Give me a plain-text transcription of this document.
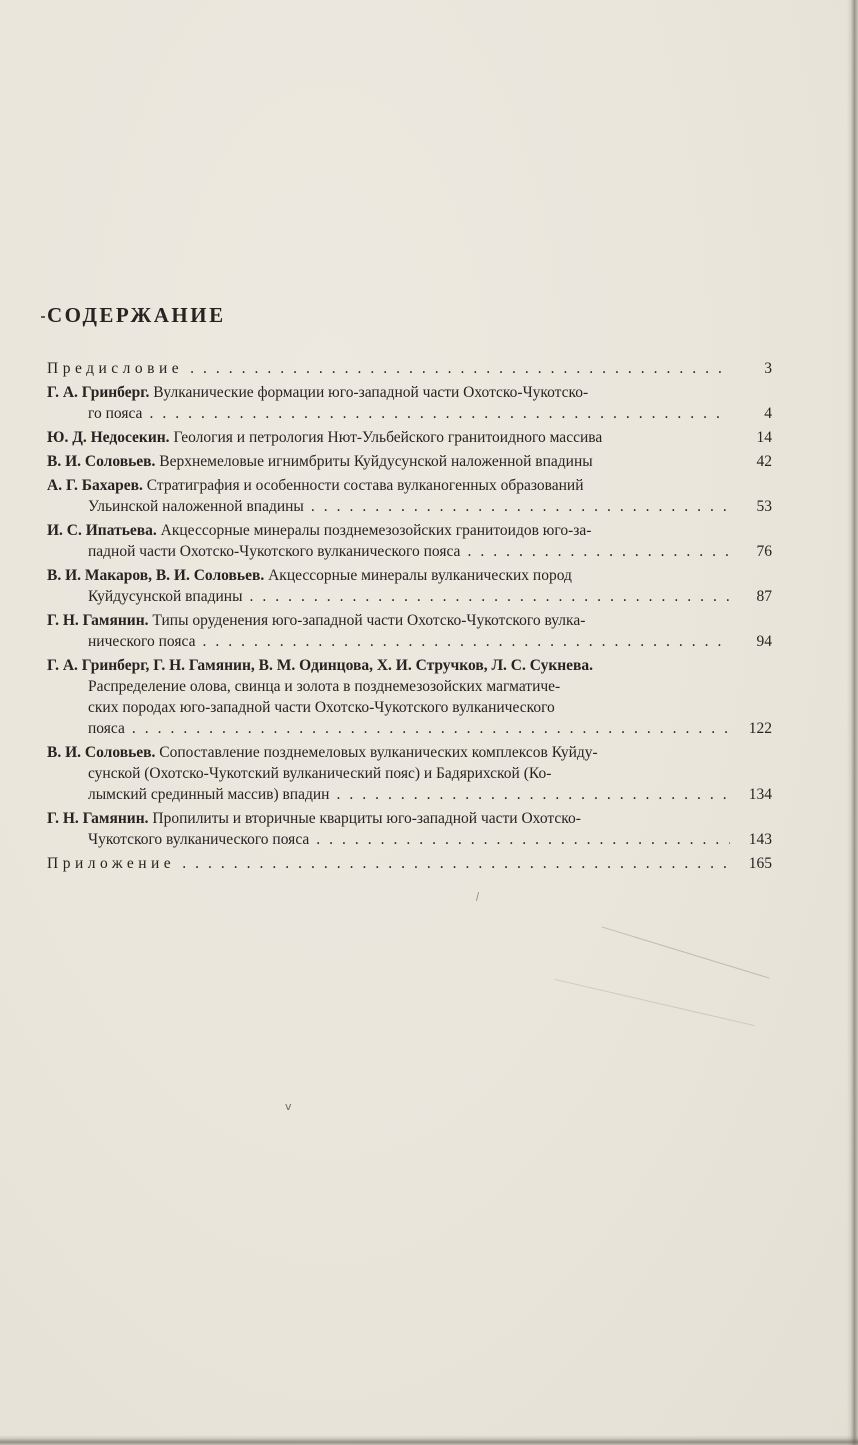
СОДЕРЖАНИЕ
Предисловие .....	3
Г. А. Гринберг. Вулканические формации юго-западной части Охотско-Чукотско-
го пояса .....	4
Ю. Д. Недосекин. Геология и петрология Нют-Ульбейского гранитоидного массива	14
В. И. Соловьев. Верхнемеловые игнимбриты Куйдусунской наложенной впадины	42
А. Г. Бахарев. Стратиграфия и особенности состава вулканогенных образований
Ульинской наложенной впадины .....	53
И. С. Ипатьева. Акцессорные минералы позднемезозойских гранитоидов юго-за-
падной части Охотско-Чукотского вулканического пояса .....	76
В. И. Макаров, В. И. Соловьев. Акцессорные минералы вулканических пород
Куйдусунской впадины .....	87
Г. Н. Гамянин. Типы оруденения юго-западной части Охотско-Чукотского вулка-
нического пояса .....	94
Г. А. Гринберг, Г. Н. Гамянин, В. М. Одинцова, Х. И. Стручков, Л. С. Сукнева.
Распределение олова, свинца и золота в позднемезозойских магматиче-
ских породах юго-западной части Охотско-Чукотского вулканического
пояса .....	122
В. И. Соловьев. Сопоставление позднемеловых вулканических комплексов Куйду-
сунской (Охотско-Чукотский вулканический пояс) и Бадярихской (Ко-
лымский срединный массив) впадин .....	134
Г. Н. Гамянин. Пропилиты и вторичные кварциты юго-западной части Охотско-
Чукотского вулканического пояса .....	143
Приложение .....	165
v
